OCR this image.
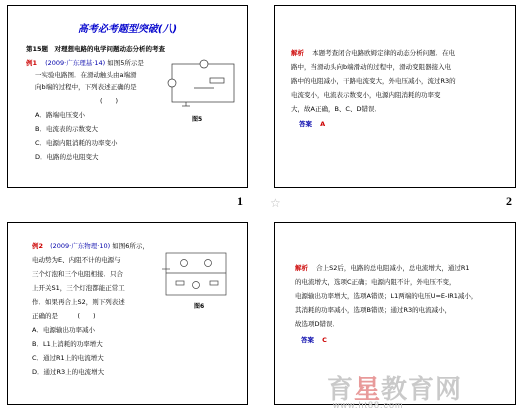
高考必考题型突破(八)
第15题　对理想电路的电学问题动态分析的考查
例1 (2009·广东理基·14) 如图5所示是
一实验电路图．在滑动触头由a端滑
向b端的过程中，下列表述正确的是
(　　)
A．路端电压变小
B．电流表的示数变大
C．电源内阻消耗的功率变小
D．电路的总电阻变大
图5
1 ☆	2
解析 本题考查闭合电路欧姆定律的动态分析问题．在电
路中，当滑动头向b端滑动的过程中，滑动变阻器接入电
路中的电阻减小，干路电流变大，外电压减小，流过R3的
电流变小，电流表示数变小，电源内阻消耗的功率变
大，故A正确，B、C、D错误．
答案 A
例2 (2009·广东物理·10) 如图6所示，
电动势为E、内阻不计的电源与
三个灯泡和三个电阻相接．只合
上开关S1，三个灯泡都能正常工
作．如果再合上S2，则下列表述
正确的是　　　(　　)
A．电源输出功率减小
B．L1上消耗的功率增大
C．通过R1上的电流增大
D．通过R3上的电流增大
图6
解析 合上S2后，电路的总电阻减小，总电流增大，通过R1
的电流增大，选项C正确；电源内阻不计，外电压不变，
电源输出功率增大，选项A错误；L1两端的电压U=E-IR1减小，
其消耗的功率减小，选项B错误；通过R3的电流减小，
故选项D错误．
答案 C
育星教育网
www.ht88.com
